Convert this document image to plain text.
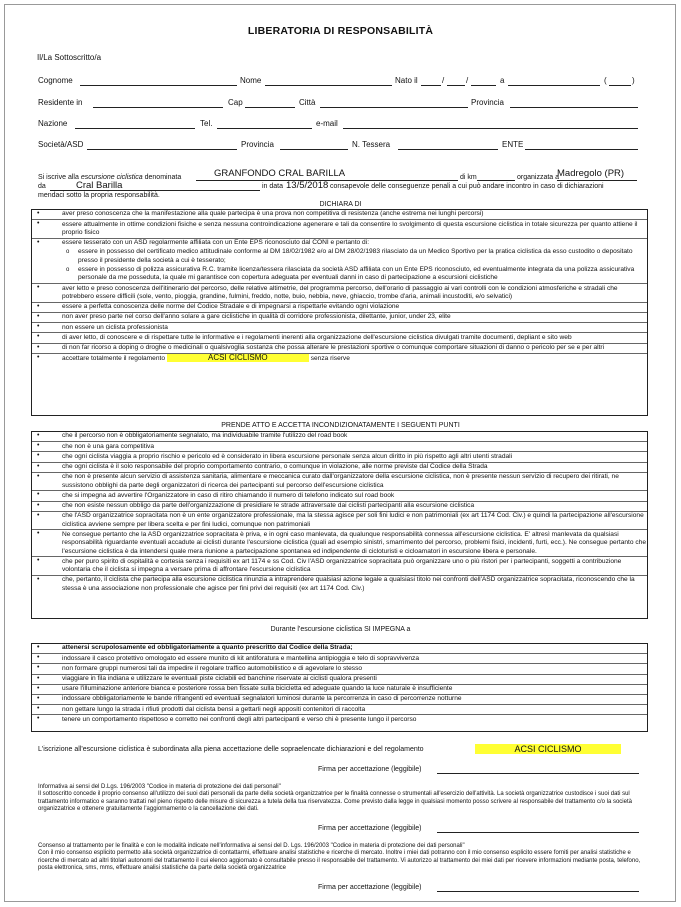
LIBERATORIA DI RESPONSABILITÀ
Il/La Sottoscritto/a
Cognome	Nome	Nato il	/	/	a	(	)
Residente in	Cap	Città	Provincia
Nazione	Tel.	e-mail
Società/ASD	Provincia	N. Tessera	ENTE
Si iscrive alla escursione ciclistica denominata	GRANFONDO CRAL BARILLA	di km	organizzata a
Madregolo (PR)
da	Cral Barilla	in data 13/5/2018 consapevole delle conseguenze penali a cui può andare incontro in caso di dichiarazioni
mendaci sotto la propria responsabilità.
DICHIARA DI
• aver preso conoscenza che la manifestazione alla quale partecipa è una prova non competitiva di resistenza (anche estrema nei lunghi percorsi)
• essere attualmente in ottime condizioni fisiche e senza nessuna controindicazione agenerare e tali da consentire lo svolgimento di questa escursione ciclistica in totale sicurezza per quanto attiene il proprio fisico
• essere tesserato con un ASD regolarmente affiliata con un Ente EPS riconosciuto dal CONI e pertanto di:
o essere in possesso del certificato medico attitudinale conforme al DM 18/02/1982 e/o al DM 28/02/1983 rilasciato da un Medico Sportivo per la pratica ciclistica da esso custodito o depositato presso il presidente della società a cui è tesserato;
o essere in possesso di polizza assicurativa R.C. tramite licenza/tessera rilasciata da società ASD affiliata con un Ente EPS riconosciuto, ed eventualmente integrata da una polizza assicurativa personale da me posseduta, la quale mi garantisce con copertura adeguata per eventuali danni in caso di partecipazione a escursioni ciclistiche
• aver letto e preso conoscenza dell'itinerario del percorso, delle relative altimetrie, del programma percorso, dell'orario di passaggio ai vari controlli con le condizioni atmosferiche e stradali che potrebbero essere difficili (sole, vento, pioggia, grandine, fulmini, freddo, notte, buio, nebbia, neve, ghiaccio, trombe d'aria, animali incustoditi, e/o selvatici)
• essere a perfetta conoscenza delle norme del Codice Stradale e di impegnarsi a rispettarle evitando ogni violazione
• non aver preso parte nel corso dell'anno solare a gare ciclistiche in qualità di corridore professionista, dilettante, junior, under 23, elite
• non essere un ciclista professionista
• di aver letto, di conoscere e di rispettare tutte le informative e i regolamenti inerenti alla organizzazione dell'escursione ciclistica divulgati tramite documenti, depliant e sito web
• di non far ricorso a doping o droghe o medicinali o qualsivoglia sostanza che possa alterare le prestazioni sportive o comunque comportare situazioni di danno o pericolo per se e per altri
• accettare totalmente il regolamento	ACSI CICLISMO	senza riserve
PRENDE ATTO E ACCETTA INCONDIZIONATAMENTE I SEGUENTI PUNTI
• che il percorso non è obbligatoriamente segnalato, ma individuabile tramite l'utilizzo del road book
• che non è una gara competitiva
• che ogni ciclista viaggia a proprio rischio e pericolo ed è considerato in libera escursione personale senza alcun diritto in più rispetto agli altri utenti stradali
• che ogni ciclista è il solo responsabile del proprio comportamento contrario, o comunque in violazione, alle norme previste dal Codice della Strada
• che non è presente alcun servizio di assistenza sanitaria, alimentare e meccanica curato dall'organizzatore della escursione ciclistica, non è presente nessun servizio di recupero dei ritirati, ne sussistono obblighi da parte degli organizzatori di ricerca dei partecipanti sul percorso dell'escursione ciclistica
• che si impegna ad avvertire l'Organizzatore in caso di ritiro chiamando il numero di telefono indicato sul road book
• che non esiste nessun obbligo da parte dell'organizzazione di presidiare le strade attraversate dai ciclisti partecipanti alla escursione ciclistica
• che l'ASD organizzatrice sopracitata non è un ente organizzatore professionale, ma la stessa agisce per soli fini ludici e non patrimoniali (ex art 1174 Cod. Civ.) e quindi la partecipazione all'escursione ciclistica avviene sempre per libera scelta e per fini ludici, comunque non patrimoniali
• Ne consegue pertanto che la ASD organizzatrice sopracitata è priva, e in ogni caso manlevata, da qualunque responsabilità connessa all'escursione ciclistica. E' altresì manlevata da qualsiasi responsabilità riguardante eventuali accadute ai ciclisti durante l'escursione ciclistica (quali ad esempio sinistri, smarrimento del percorso, problemi fisici, incidenti, furti, ecc.). Ne consegue pertanto che l'escursione ciclistica è da intendersi quale mera riunione a partecipazione spontanea ed indipendente di cicloturisti e cicloamatori in escursione libera e personale.
• che per puro spirito di ospitalità e cortesia senza i requisiti ex art 1174 e ss Cod. Civ l'ASD organizzatrice sopracitata può organizzare uno o più ristori per i partecipanti, soggetti a contribuzione volontaria che il ciclista si impegna a versare prima di affrontare l'escursione ciclistica
• che, pertanto, il ciclista che partecipa alla escursione ciclistica rinunzia a intraprendere qualsiasi azione legale a qualsiasi titolo nei confronti dell'ASD organizzatrice sopracitata, riconoscendo che la stessa è una associazione non professionale che agisce per fini privi dei requisiti (ex art 1174 Cod. Civ.)
Durante l'escursione ciclistica SI IMPEGNA a
• attenersi scrupolosamente ed obbligatoriamente a quanto prescritto dal Codice della Strada;
• indossare il casco protettivo omologato ed essere munito di kit antiforatura e mantellina antipioggia e telo di sopravvivenza
• non formare gruppi numerosi tali da impedire il regolare traffico automobilistico e di agevolare lo stesso
• viaggiare in fila indiana e utilizzare le eventuali piste ciclabili ed banchine riservate ai ciclisti qualora presenti
• usare l'illuminazione anteriore bianca e posteriore rossa ben fissate sulla bicicletta ed adeguate quando la luce naturale è insufficiente
• indossare obbligatoriamente le bande rifrangenti ed eventuali segnalatori luminosi durante la percorrenza in caso di percorrenze notturne
• non gettare lungo la strada i rifiuti prodotti dal ciclista bensì a gettarli negli appositi contenitori di raccolta
• tenere un comportamento rispettoso e corretto nei confronti degli altri partecipanti e verso chi è presente lungo il percorso
L'iscrizione all'escursione ciclistica è subordinata alla piena accettazione delle sopraelencate dichiarazioni e del regolamento	ACSI CICLISMO
Firma per accettazione (leggibile)
Informativa ai sensi del D.Lgs. 196/2003 "Codice in materia di protezione dei dati personali"
Il sottoscritto concede il proprio consenso all'utilizzo dei suoi dati personali da parte della società organizzatrice per le finalità connesse o strumentali all'esercizio dell'attività. La società organizzatrice custodisce i suoi dati sul trattamento informatico e saranno trattati nel pieno rispetto delle misure di sicurezza a tutela della tua riservatezza. Come previsto dalla legge in qualsiasi momento posso scrivere al responsabile del trattamento c/o la società organizzatrice e ottenere gratuitamente l'aggiornamento o la cancellazione dei dati.
Firma per accettazione (leggibile)
Consenso al trattamento per le finalità e con le modalità indicate nell'informativa ai sensi del D. Lgs. 196/2003 "Codice in materia di protezione dei dati personali"
Con il mio consenso esplicito permetto alla società organizzatrice di contattarmi, effettuare analisi statistiche e ricerche di mercato. Inoltre i miei dati potranno con il mio consenso esplicito essere forniti per analisi statistiche e ricerche di mercato ad altri titolari autonomi del trattamento il cui elenco aggiornato è consultabile presso il responsabile del trattamento. Vi autorizzo al trattamento dei miei dati per ricevere informazioni mediante posta, telefono, posta elettronica, sms, mms, effettuare analisi statistiche da parte della società organizzatrice
Firma per accettazione (leggibile)
